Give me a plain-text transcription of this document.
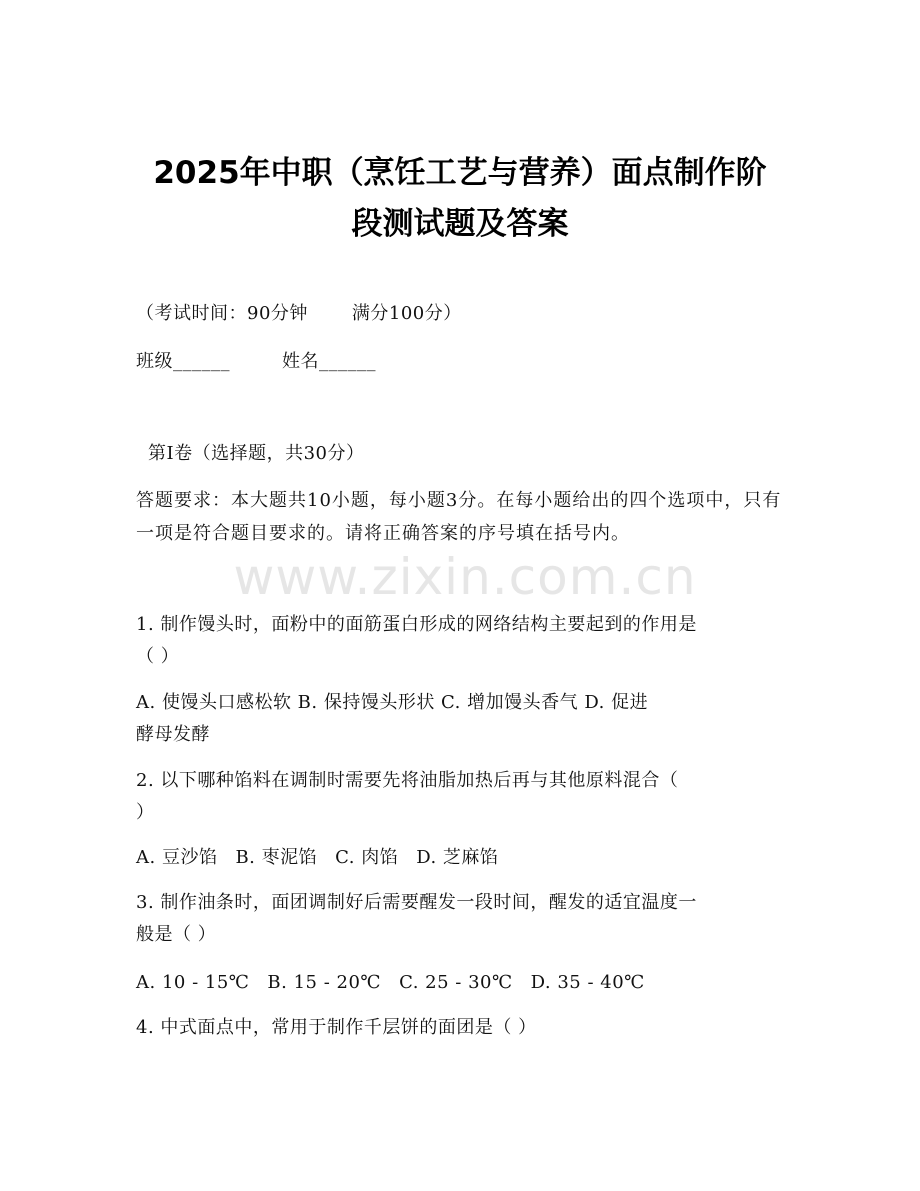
www.zixin.com.cn
2025年中职（烹饪工艺与营养）面点制作阶
段测试题及答案
（考试时间：90分钟 满分100分）
班级______	姓名______
第Ⅰ卷（选择题，共30分）
答题要求：本大题共10小题，每小题3分。在每小题给出的四个选项中，只有一项是符合题目要求的。请将正确答案的序号填在括号内。
1. 制作馒头时，面粉中的面筋蛋白形成的网络结构主要起到的作用是
（ ）
A. 使馒头口感松软 B. 保持馒头形状 C. 增加馒头香气 D. 促进
酵母发酵
2. 以下哪种馅料在调制时需要先将油脂加热后再与其他原料混合（
）
A. 豆沙馅 B. 枣泥馅 C. 肉馅 D. 芝麻馅
3. 制作油条时，面团调制好后需要醒发一段时间，醒发的适宜温度一
般是（ ）
A. 10 - 15℃ B. 15 - 20℃ C. 25 - 30℃ D. 35 - 40℃
4. 中式面点中，常用于制作千层饼的面团是（ ）
